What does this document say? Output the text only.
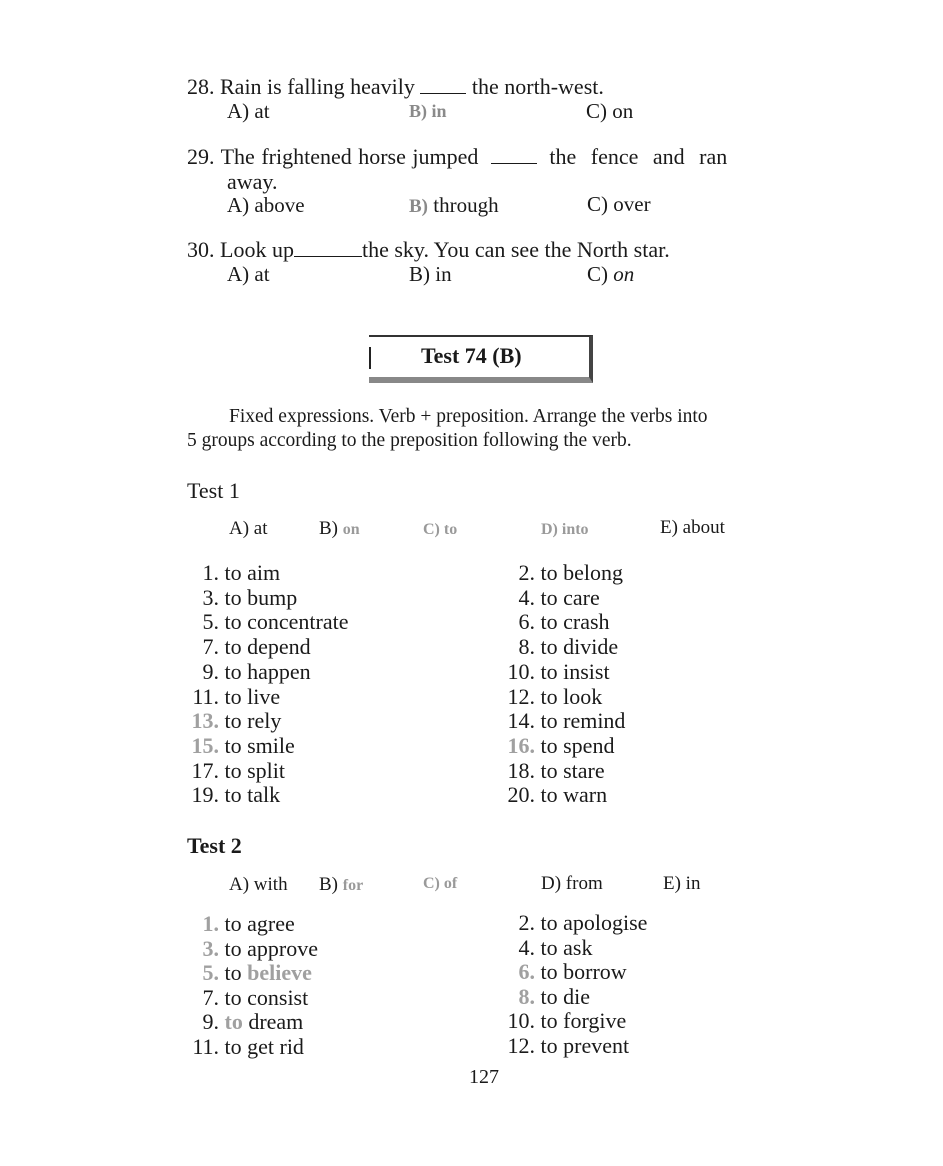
28. Rain is falling heavily	the north-west.
A) at	B) in	C) on
29. The frightened horse jumped	the fence and ran
away.
A) above	B) through	C) over
30. Look up	the sky. You can see the North star.
A) at	B) in	C) on
Test 74 (B)
Fixed expressions. Verb + preposition. Arrange the verbs into
5 groups according to the preposition following the verb.
Test 1
A) at	B) on	C) to	D) into	E) about
1. to aim
3. to bump
5. to concentrate
7. to depend
9. to happen
11. to live
13. to rely
15. to smile
17. to split
19. to talk
2. to belong
4. to care
6. to crash
8. to divide
10. to insist
12. to look
14. to remind
16. to spend
18. to stare
20. to warn
Test 2
A) with B) for	C) of	D) from	E) in
1. to agree
3. to approve
5. to believe
7. to consist
9. to dream
11. to get rid
2. to apologise
4. to ask
6. to borrow
8. to die
10. to forgive
12. to prevent
127
